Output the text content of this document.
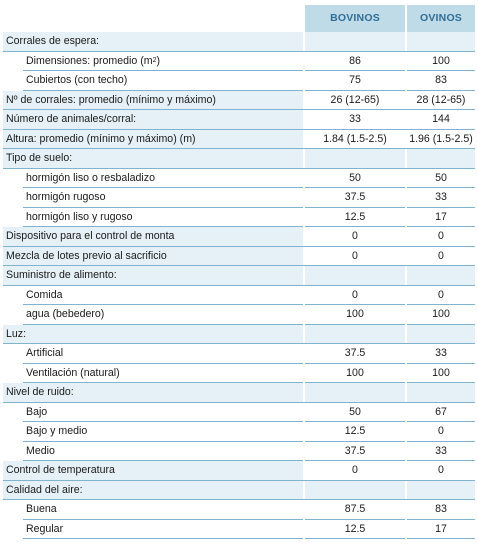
BOVINOS	OVINOS
Corrales de espera:
Dimensiones: promedio (m 2 )	86	100
Cubiertos (con techo)	75	83
Nº de corrales: promedio (mínimo y máximo)	26 (12-65)	28 (12-65)
Número de animales/corral:	33	144
Altura: promedio (mínimo y máximo) (m)	1.84 (1.5-2.5)	1.96 (1.5-2.5)
Tipo de suelo:
hormigón liso o resbaladizo	50	50
hormigón rugoso	37.5	33
hormigón liso y rugoso	12.5	17
Dispositivo para el control de monta	0	0
Mezcla de lotes previo al sacrificio	0	0
Suministro de alimento:
Comida	0	0
agua (bebedero)	100	100
Luz:
Artificial	37.5	33
Ventilación (natural)	100	100
Nivel de ruido:
Bajo	50	67
Bajo y medio	12.5	0
Medio	37.5	33
Control de temperatura	0	0
Calidad del aire:
Buena	87.5	83
Regular	12.5	17
